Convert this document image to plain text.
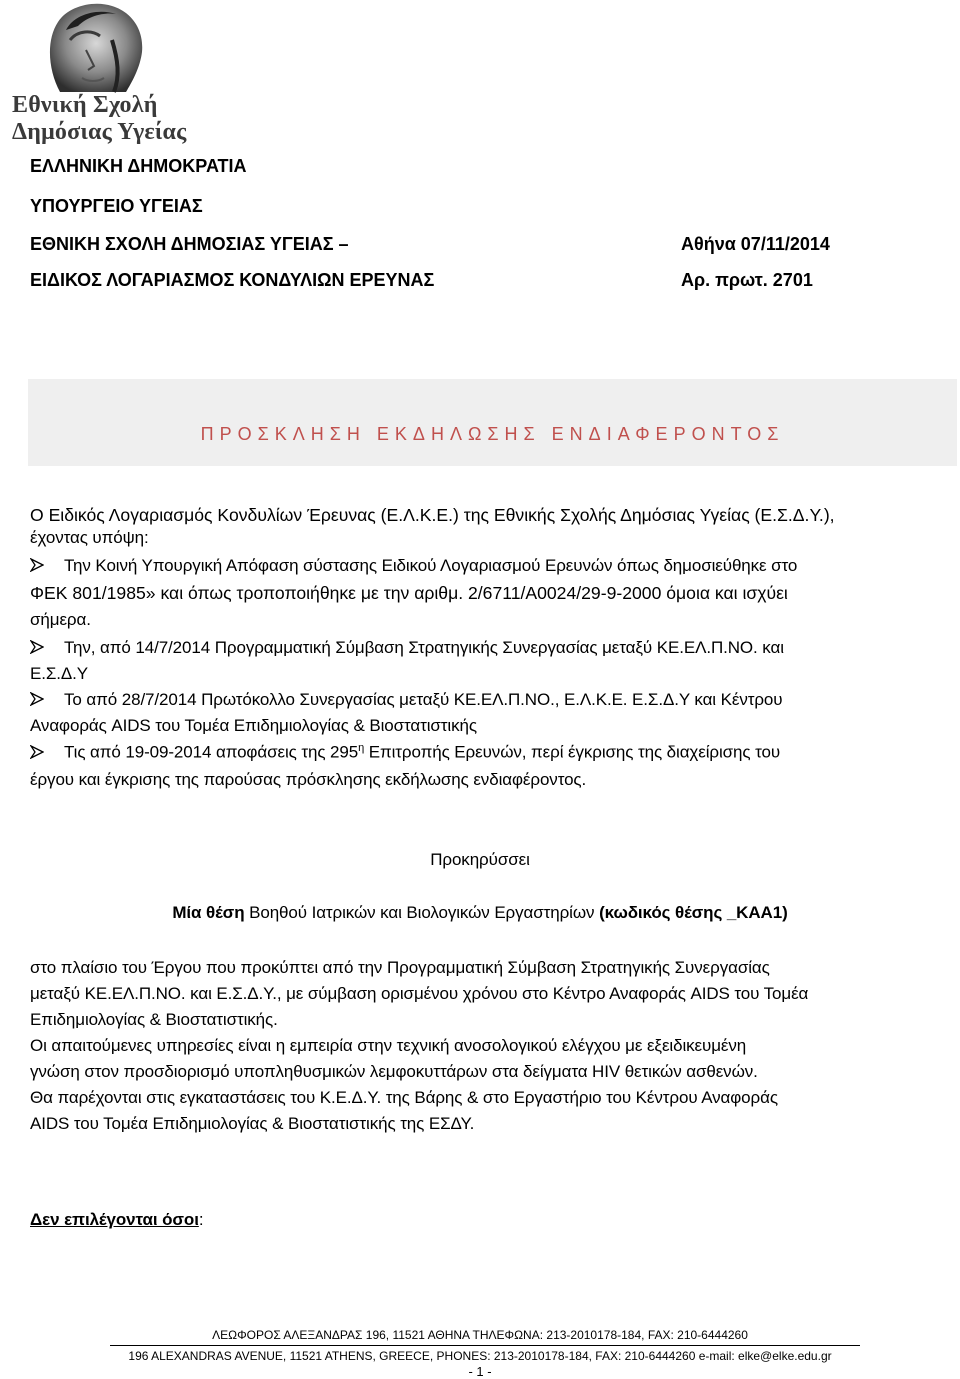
Εθνική Σχολή
Δημόσιας Υγείας
ΕΛΛΗΝΙΚΗ ΔΗΜΟΚΡΑΤΙΑ
ΥΠΟΥΡΓΕΙΟ ΥΓΕΙΑΣ
ΕΘΝΙΚΗ ΣΧΟΛΗ ΔΗΜΟΣΙΑΣ ΥΓΕΙΑΣ –
ΕΙΔΙΚΟΣ ΛΟΓΑΡΙΑΣΜΟΣ ΚΟΝΔΥΛΙΩΝ ΕΡΕΥΝΑΣ
Αθήνα 07/11/2014
Αρ. πρωτ. 2701
ΠΡΟΣΚΛΗΣΗ ΕΚΔΗΛΩΣΗΣ ΕΝΔΙΑΦΕΡΟΝΤΟΣ
Ο Ειδικός Λογαριασμός Κονδυλίων Έρευνας (Ε.Λ.Κ.Ε.) της Εθνικής Σχολής Δημόσιας Υγείας (Ε.Σ.Δ.Υ.),
έχοντας υπόψη:
Την Κοινή Υπουργική Απόφαση σύστασης Ειδικού Λογαριασμού Ερευνών όπως δημοσιεύθηκε στο
ΦΕΚ 801/1985» και όπως τροποποιήθηκε με την αριθμ. 2/6711/Α0024/29-9-2000 όμοια και ισχύει
σήμερα.
Την, από 14/7/2014 Προγραμματική Σύμβαση Στρατηγικής Συνεργασίας μεταξύ ΚΕ.ΕΛ.Π.ΝΟ. και
Ε.Σ.Δ.Υ
Το από 28/7/2014 Πρωτόκολλο Συνεργασίας μεταξύ ΚΕ.ΕΛ.Π.ΝΟ., Ε.Λ.Κ.Ε. Ε.Σ.Δ.Υ και Κέντρου
Αναφοράς AIDS του Τομέα Επιδημιολογίας & Βιοστατιστικής
Τις από 19-09-2014 αποφάσεις της $295^\eta$ Επιτροπής Ερευνών, περί έγκρισης της διαχείρισης του
έργου και έγκρισης της παρούσας πρόσκλησης εκδήλωσης ενδιαφέροντος.
Προκηρύσσει
Μία θέση Βοηθού Ιατρικών και Βιολογικών Εργαστηρίων (κωδικός θέσης _ΚΑΑ1)
στο πλαίσιο του Έργου που προκύπτει από την Προγραμματική Σύμβαση Στρατηγικής Συνεργασίας
μεταξύ ΚΕ.ΕΛ.Π.ΝΟ. και Ε.Σ.Δ.Υ., με σύμβαση ορισμένου χρόνου στο Κέντρο Αναφοράς AIDS του Τομέα
Επιδημιολογίας & Βιοστατιστικής.
Οι απαιτούμενες υπηρεσίες είναι η εμπειρία στην τεχνική ανοσολογικού ελέγχου με εξειδικευμένη
γνώση στον προσδιορισμό υποπληθυσμικών λεμφοκυττάρων στα δείγματα HIV θετικών ασθενών.
Θα παρέχονται στις εγκαταστάσεις του Κ.Ε.Δ.Υ. της Βάρης & στο Εργαστήριο του Κέντρου Αναφοράς
AIDS του Τομέα Επιδημιολογίας & Βιοστατιστικής της ΕΣΔΥ.
Δεν επιλέγονται όσοι:
ΛΕΩΦΟΡΟΣ ΑΛΕΞΑΝΔΡΑΣ 196, 11521 ΑΘΗΝΑ ΤΗΛΕΦΩΝΑ: 213-2010178-184, FAX: 210-6444260
196 ALEXANDRAS AVENUE, 11521 ATHENS, GREECE, PHONES: 213-2010178-184, FAX: 210-6444260 e-mail: elke@elke.edu.gr
- 1 -
